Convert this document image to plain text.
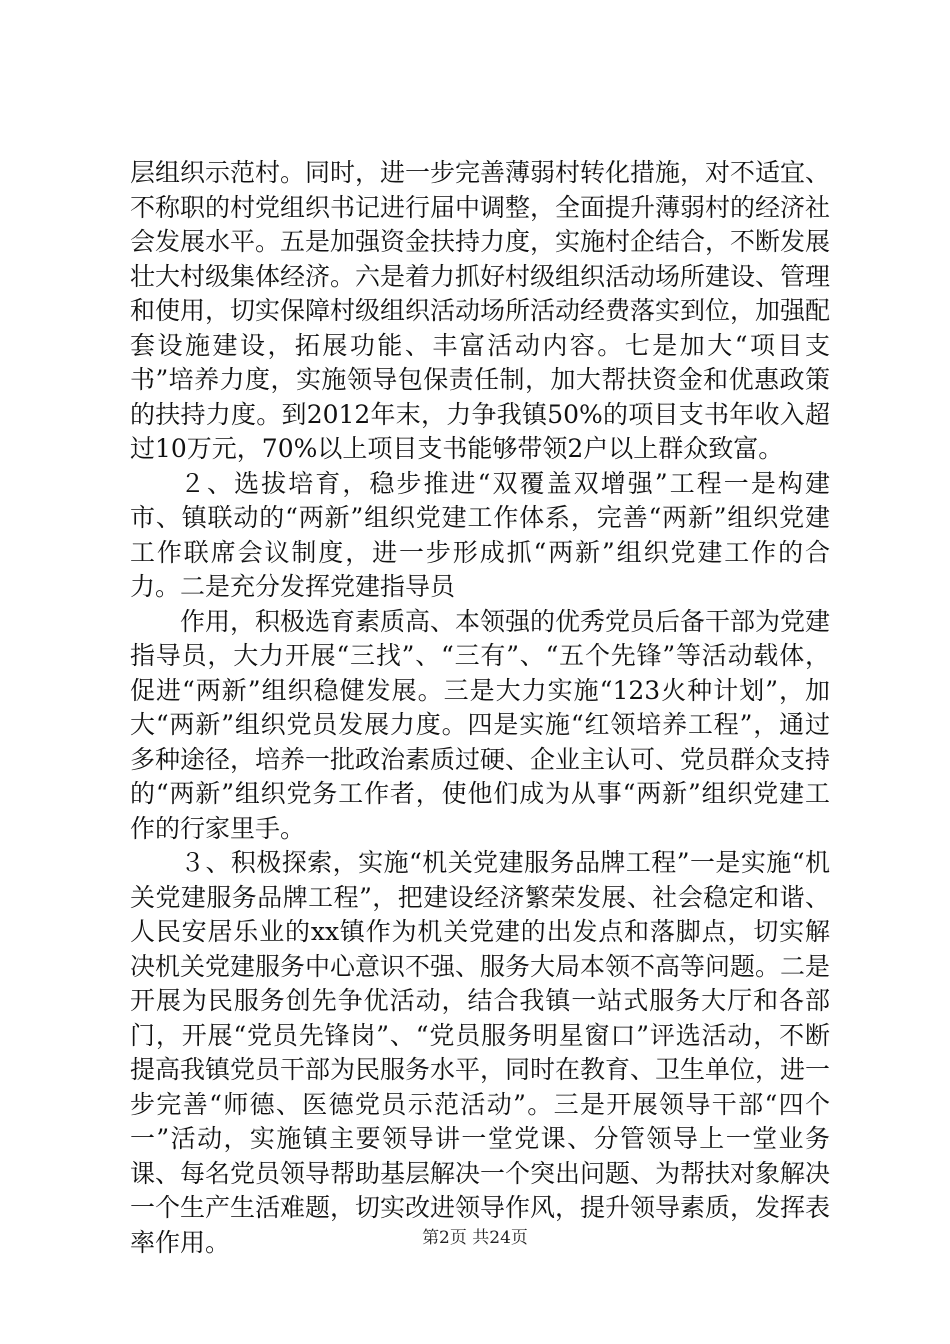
层组织示范村。同时，进一步完善薄弱村转化措施，对不适宜、不称职的村党组织书记进行届中调整，全面提升薄弱村的经济社会发展水平。五是加强资金扶持力度，实施村企结合，不断发展壮大村级集体经济。六是着力抓好村级组织活动场所建设、管理和使用，切实保障村级组织活动场所活动经费落实到位，加强配套设施建设，拓展功能、丰富活动内容。七是加大“项目支书”培养力度，实施领导包保责任制，加大帮扶资金和优惠政策的扶持力度。到2012年末，力争我镇50%的项目支书年收入超过10万元，70%以上项目支书能够带领2户以上群众致富。

２、选拔培育，稳步推进“双覆盖双增强”工程一是构建市、镇联动的“两新”组织党建工作体系，完善“两新”组织党建工作联席会议制度，进一步形成抓“两新”组织党建工作的合力。二是充分发挥党建指导员

作用，积极选育素质高、本领强的优秀党员后备干部为党建指导员，大力开展“三找”、“三有”、“五个先锋”等活动载体，促进“两新”组织稳健发展。三是大力实施“123火种计划”，加大“两新”组织党员发展力度。四是实施“红领培养工程”，通过多种途径，培养一批政治素质过硬、企业主认可、党员群众支持的“两新”组织党务工作者，使他们成为从事“两新”组织党建工作的行家里手。

３、积极探索，实施“机关党建服务品牌工程”一是实施“机关党建服务品牌工程”，把建设经济繁荣发展、社会稳定和谐、人民安居乐业的xx镇作为机关党建的出发点和落脚点，切实解决机关党建服务中心意识不强、服务大局本领不高等问题。二是开展为民服务创先争优活动，结合我镇一站式服务大厅和各部门，开展“党员先锋岗”、“党员服务明星窗口”评选活动，不断提高我镇党员干部为民服务水平，同时在教育、卫生单位，进一步完善“师德、医德党员示范活动”。三是开展领导干部“四个一”活动，实施镇主要领导讲一堂党课、分管领导上一堂业务课、每名党员领导帮助基层解决一个突出问题、为帮扶对象解决一个生产生活难题，切实改进领导作风，提升领导素质，发挥表率作用。	第2页 共24页
